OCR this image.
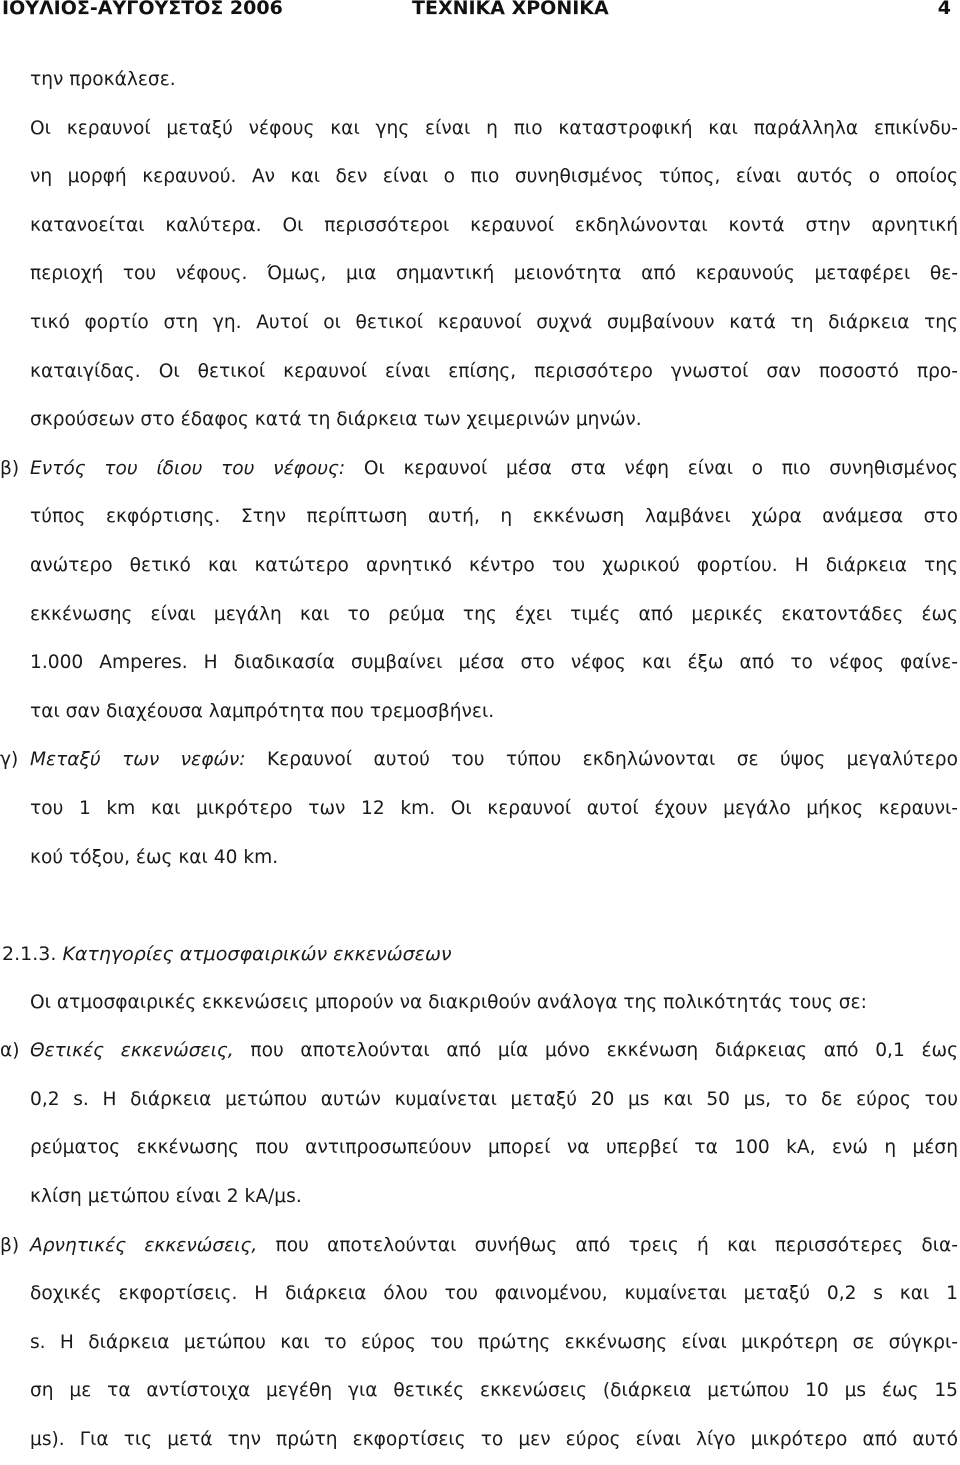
ΙΟΥΛΙΟΣ-ΑΥΓΟΥΣΤΟΣ 2006	ΤΕΧΝΙΚΑ ΧΡΟΝΙΚΑ	4
την προκάλεσε.
Οι κεραυνοί μεταξύ νέφους και γης είναι η πιο καταστροφική και παράλληλα επικίνδυ-
νη μορφή κεραυνού. Αν και δεν είναι ο πιο συνηθισμένος τύπος, είναι αυτός ο οποίος
κατανοείται καλύτερα. Οι περισσότεροι κεραυνοί εκδηλώνονται κοντά στην αρνητική
περιοχή του νέφους. Όμως, μια σημαντική μειονότητα από κεραυνούς μεταφέρει θε-
τικό φορτίο στη γη. Αυτοί οι θετικοί κεραυνοί συχνά συμβαίνουν κατά τη διάρκεια της
καταιγίδας. Οι θετικοί κεραυνοί είναι επίσης, περισσότερο γνωστοί σαν ποσοστό προ-
σκρούσεων στο έδαφος κατά τη διάρκεια των χειμερινών μηνών.
β) Εντός του ίδιου του νέφους: Οι κεραυνοί μέσα στα νέφη είναι ο πιο συνηθισμένος
τύπος εκφόρτισης. Στην περίπτωση αυτή, η εκκένωση λαμβάνει χώρα ανάμεσα στο
ανώτερο θετικό και κατώτερο αρνητικό κέντρο του χωρικού φορτίου. Η διάρκεια της
εκκένωσης είναι μεγάλη και το ρεύμα της έχει τιμές από μερικές εκατοντάδες έως
1.000 Amperes. Η διαδικασία συμβαίνει μέσα στο νέφος και έξω από το νέφος φαίνε-
ται σαν διαχέουσα λαμπρότητα που τρεμοσβήνει.
γ) Μεταξύ των νεφών: Κεραυνοί αυτού του τύπου εκδηλώνονται σε ύψος μεγαλύτερο
του 1 km και μικρότερο των 12 km. Οι κεραυνοί αυτοί έχουν μεγάλο μήκος κεραυνι-
κού τόξου, έως και 40 km.
2.1.3. Κατηγορίες ατμοσφαιρικών εκκενώσεων
Οι ατμοσφαιρικές εκκενώσεις μπορούν να διακριθούν ανάλογα της πολικότητάς τους σε:
α) Θετικές εκκενώσεις, που αποτελούνται από μία μόνο εκκένωση διάρκειας από 0,1 έως
0,2 s. Η διάρκεια μετώπου αυτών κυμαίνεται μεταξύ 20 μs και 50 μs, το δε εύρος του
ρεύματος εκκένωσης που αντιπροσωπεύουν μπορεί να υπερβεί τα 100 kA, ενώ η μέση
κλίση μετώπου είναι 2 kA/μs.
β) Αρνητικές εκκενώσεις, που αποτελούνται συνήθως από τρεις ή και περισσότερες δια-
δοχικές εκφορτίσεις. Η διάρκεια όλου του φαινομένου, κυμαίνεται μεταξύ 0,2 s και 1
s. Η διάρκεια μετώπου και το εύρος του πρώτης εκκένωσης είναι μικρότερη σε σύγκρι-
ση με τα αντίστοιχα μεγέθη για θετικές εκκενώσεις (διάρκεια μετώπου 10 μs έως 15
μs). Για τις μετά την πρώτη εκφορτίσεις το μεν εύρος είναι λίγο μικρότερο από αυτό
